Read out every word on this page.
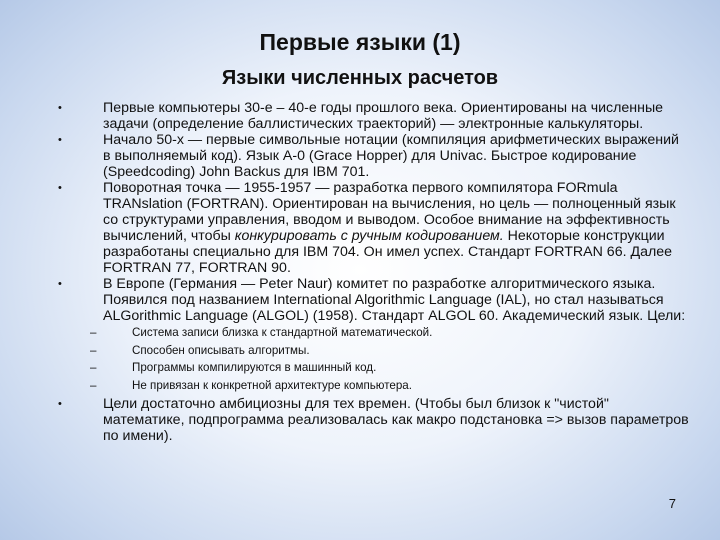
Первые языки (1)
Языки численных расчетов
•	Первые компьютеры 30-е – 40-е годы прошлого века. Ориентированы на численные задачи (определение баллистических траекторий) — электронные калькуляторы.
•	Начало 50-х — первые символьные нотации (компиляция арифметических выражений в выполняемый код). Язык A-0 (Grace Hopper) для Univac. Быстрое кодирование (Speedcoding) John Backus для IBM 701.
•	Поворотная точка — 1955-1957 — разработка первого компилятора FORmula TRANslation (FORTRAN). Ориентирован на вычисления, но цель — полноценный язык со структурами управления, вводом и выводом. Особое внимание на эффективность вычислений, чтобы конкурировать с ручным кодированием. Некоторые конструкции разработаны специально для IBM 704. Он имел успех. Стандарт FORTRAN 66. Далее FORTRAN 77, FORTRAN 90.
•	В Европе (Германия — Peter Naur) комитет по разработке алгоритмического языка. Появился под названием International Algorithmic Language (IAL), но стал называться ALGorithmic Language (ALGOL) (1958). Стандарт ALGOL 60. Академический язык. Цели:
–	Система записи близка к стандартной математической.
–	Способен описывать алгоритмы.
–	Программы компилируются в машинный код.
–	Не привязан к конкретной архитектуре компьютера.
•	Цели достаточно амбициозны для тех времен. (Чтобы был близок к "чистой" математике, подпрограмма реализовалась как макро подстановка => вызов параметров по имени).
7
